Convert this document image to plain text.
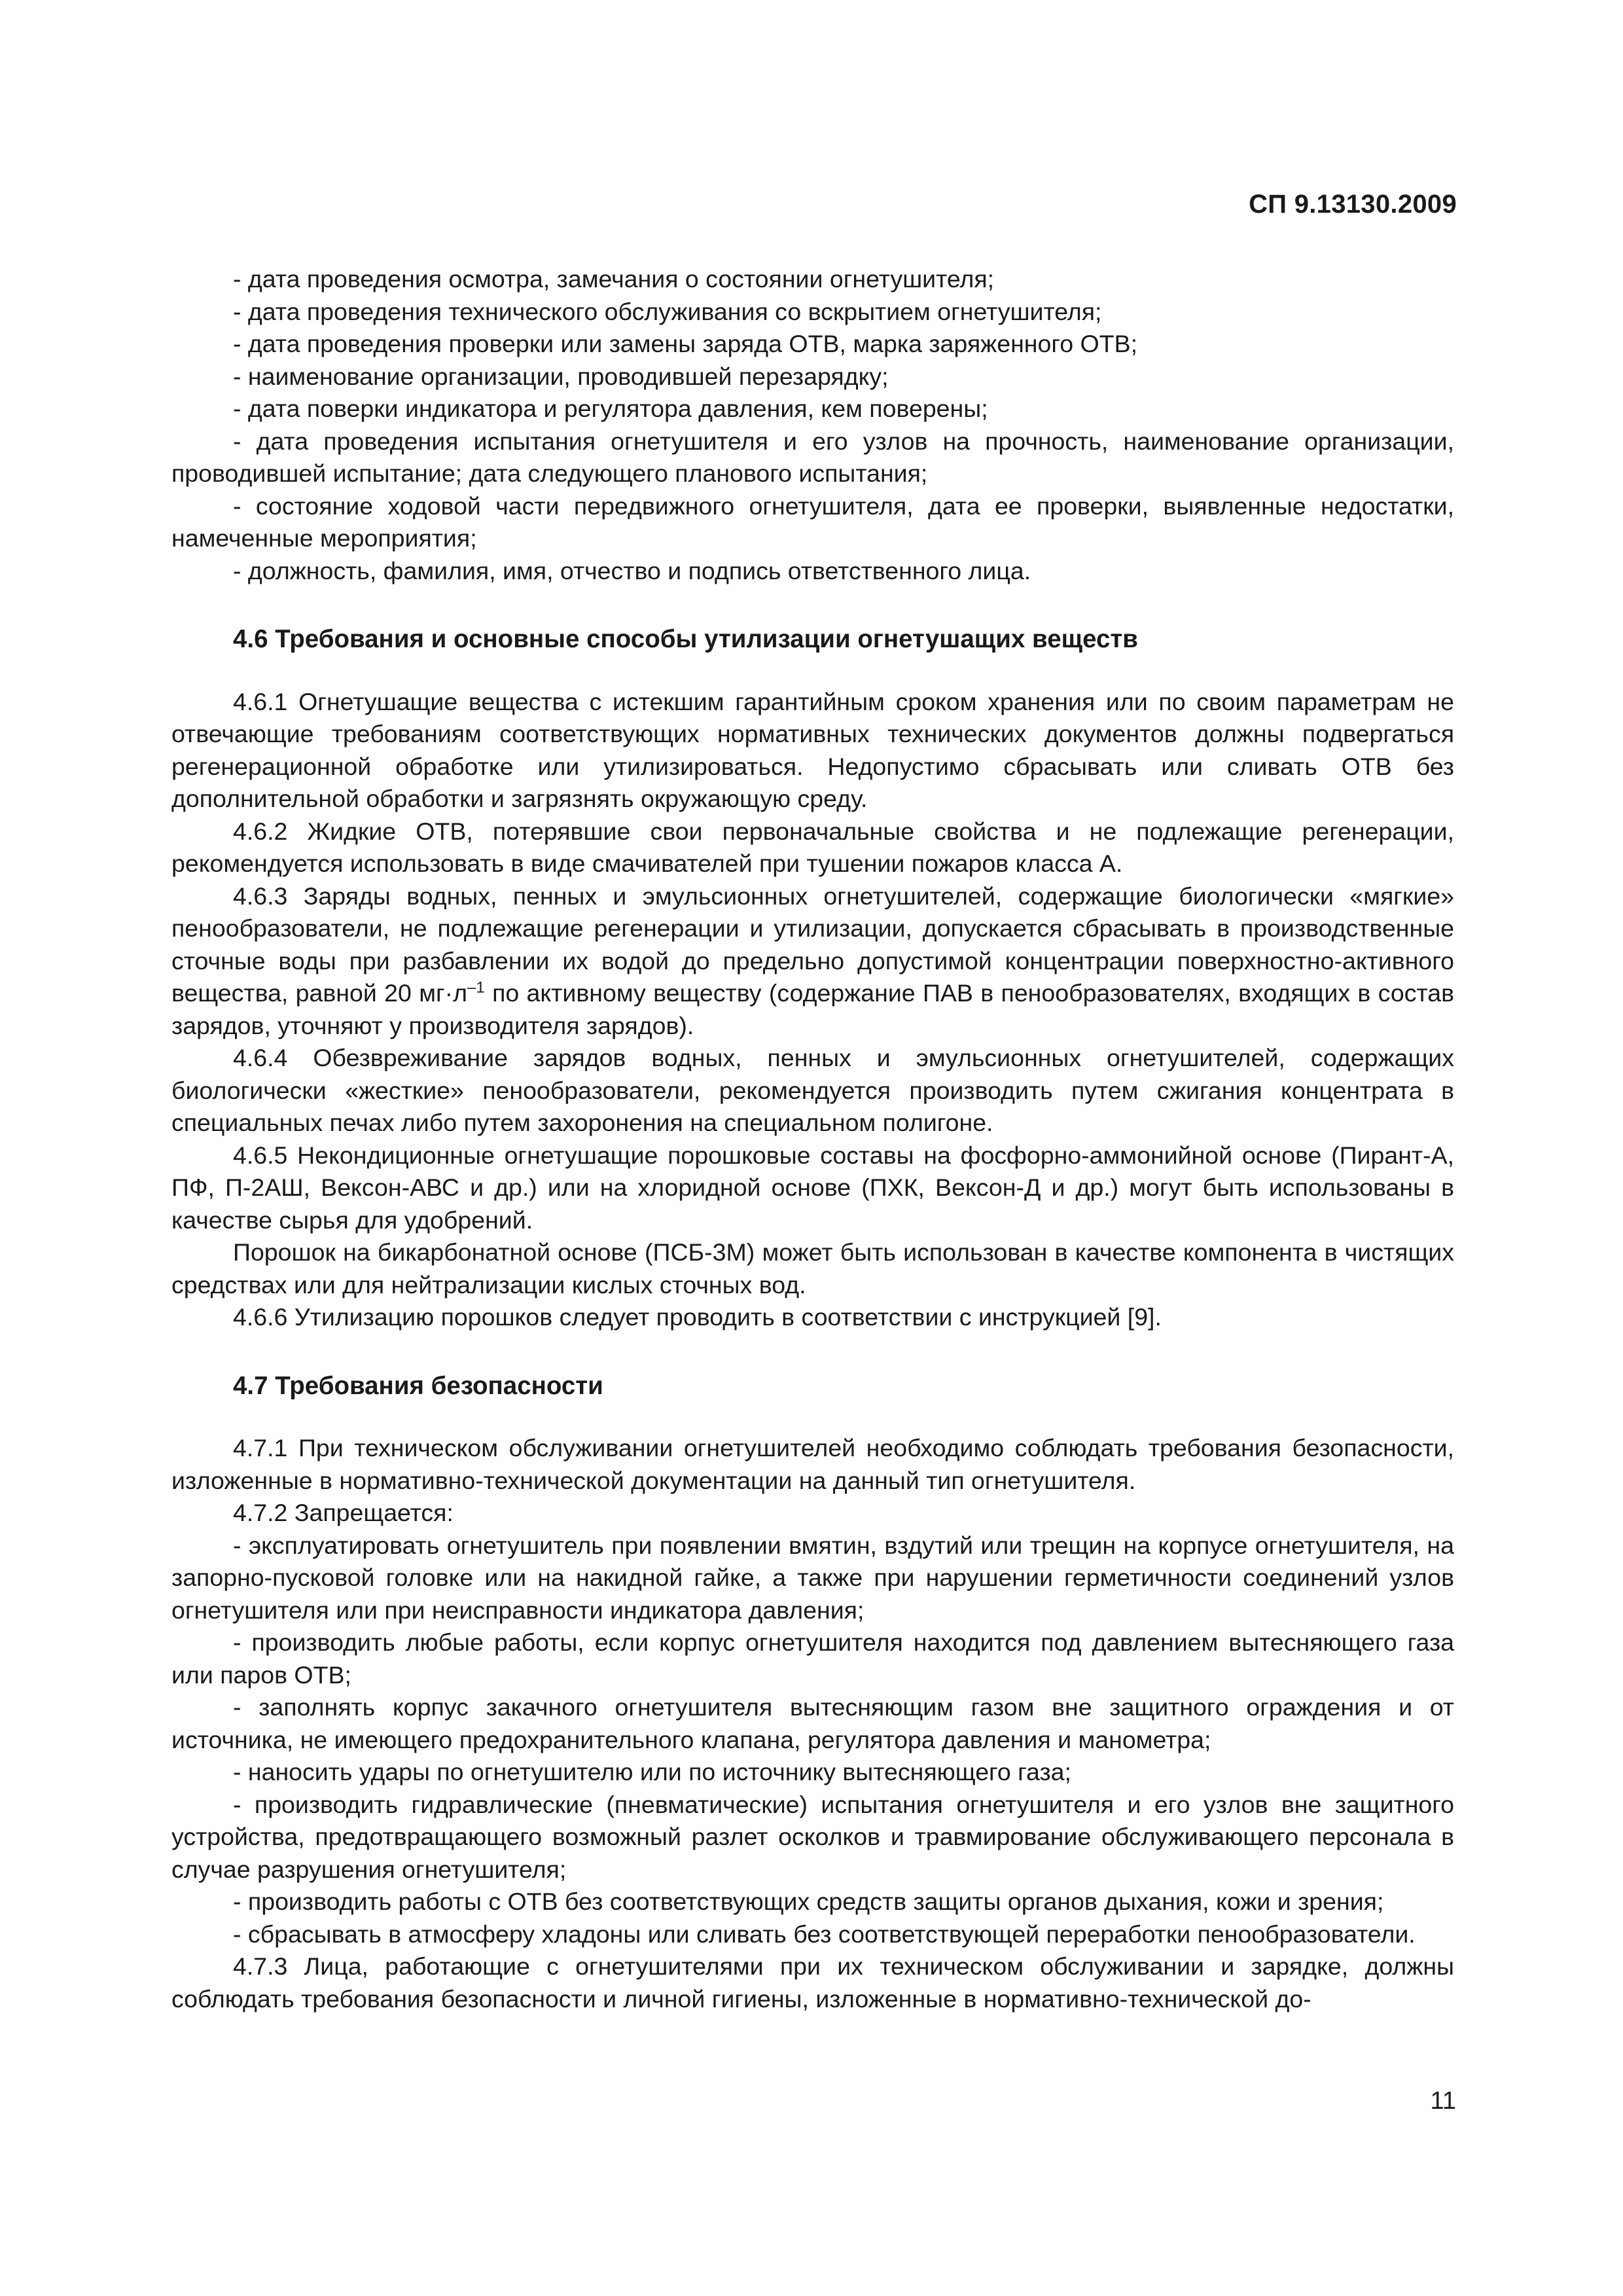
СП 9.13130.2009

- дата проведения осмотра, замечания о состоянии огнетушителя;

- дата проведения технического обслуживания со вскрытием огнетушителя;

- дата проведения проверки или замены заряда ОТВ, марка заряженного ОТВ;

- наименование организации, проводившей перезарядку;

- дата поверки индикатора и регулятора давления, кем поверены;

- дата проведения испытания огнетушителя и его узлов на прочность, наименование организации, проводившей испытание; дата следующего планового испытания;

- состояние ходовой части передвижного огнетушителя, дата ее проверки, выявленные недостатки, намеченные мероприятия;

- должность, фамилия, имя, отчество и подпись ответственного лица.

4.6 Требования и основные способы утилизации огнетушащих веществ

4.6.1 Огнетушащие вещества с истекшим гарантийным сроком хранения или по своим параметрам не отвечающие требованиям соответствующих нормативных технических документов должны подвергаться регенерационной обработке или утилизироваться. Недопустимо сбрасывать или сливать ОТВ без дополнительной обработки и загрязнять окружающую среду.

4.6.2 Жидкие ОТВ, потерявшие свои первоначальные свойства и не подлежащие регенерации, рекомендуется использовать в виде смачивателей при тушении пожаров класса А.

4.6.3 Заряды водных, пенных и эмульсионных огнетушителей, содержащие биологически «мягкие» пенообразователи, не подлежащие регенерации и утилизации, допускается сбрасывать в производственные сточные воды при разбавлении их водой до предельно допустимой концентрации поверхностно-активного вещества, равной 20 $мг\cdot л^{-1}$ по активному веществу (содержание ПАВ в пенообразователях, входящих в состав зарядов, уточняют у производителя зарядов).

4.6.4 Обезвреживание зарядов водных, пенных и эмульсионных огнетушителей, содержащих биологически «жесткие» пенообразователи, рекомендуется производить путем сжигания концентрата в специальных печах либо путем захоронения на специальном полигоне.

4.6.5 Некондиционные огнетушащие порошковые составы на фосфорно-аммонийной основе (Пирант-А, ПФ, П-2АШ, Вексон-АВС и др.) или на хлоридной основе (ПХК, Вексон-Д и др.) могут быть использованы в качестве сырья для удобрений.

Порошок на бикарбонатной основе (ПСБ-3М) может быть использован в качестве компонента в чистящих средствах или для нейтрализации кислых сточных вод.

4.6.6 Утилизацию порошков следует проводить в соответствии с инструкцией [9].

4.7 Требования безопасности

4.7.1 При техническом обслуживании огнетушителей необходимо соблюдать требования безопасности, изложенные в нормативно-технической документации на данный тип огнетушителя.

4.7.2 Запрещается:

- эксплуатировать огнетушитель при появлении вмятин, вздутий или трещин на корпусе огнетушителя, на запорно-пусковой головке или на накидной гайке, а также при нарушении герметичности соединений узлов огнетушителя или при неисправности индикатора давления;

- производить любые работы, если корпус огнетушителя находится под давлением вытесняющего газа или паров ОТВ;

- заполнять корпус закачного огнетушителя вытесняющим газом вне защитного ограждения и от источника, не имеющего предохранительного клапана, регулятора давления и манометра;

- наносить удары по огнетушителю или по источнику вытесняющего газа;

- производить гидравлические (пневматические) испытания огнетушителя и его узлов вне защитного устройства, предотвращающего возможный разлет осколков и травмирование обслуживающего персонала в случае разрушения огнетушителя;

- производить работы с ОТВ без соответствующих средств защиты органов дыхания, кожи и зрения;

- сбрасывать в атмосферу хладоны или сливать без соответствующей переработки пенообразователи.

4.7.3 Лица, работающие с огнетушителями при их техническом обслуживании и зарядке, должны соблюдать требования безопасности и личной гигиены, изложенные в нормативно-технической до-

11
